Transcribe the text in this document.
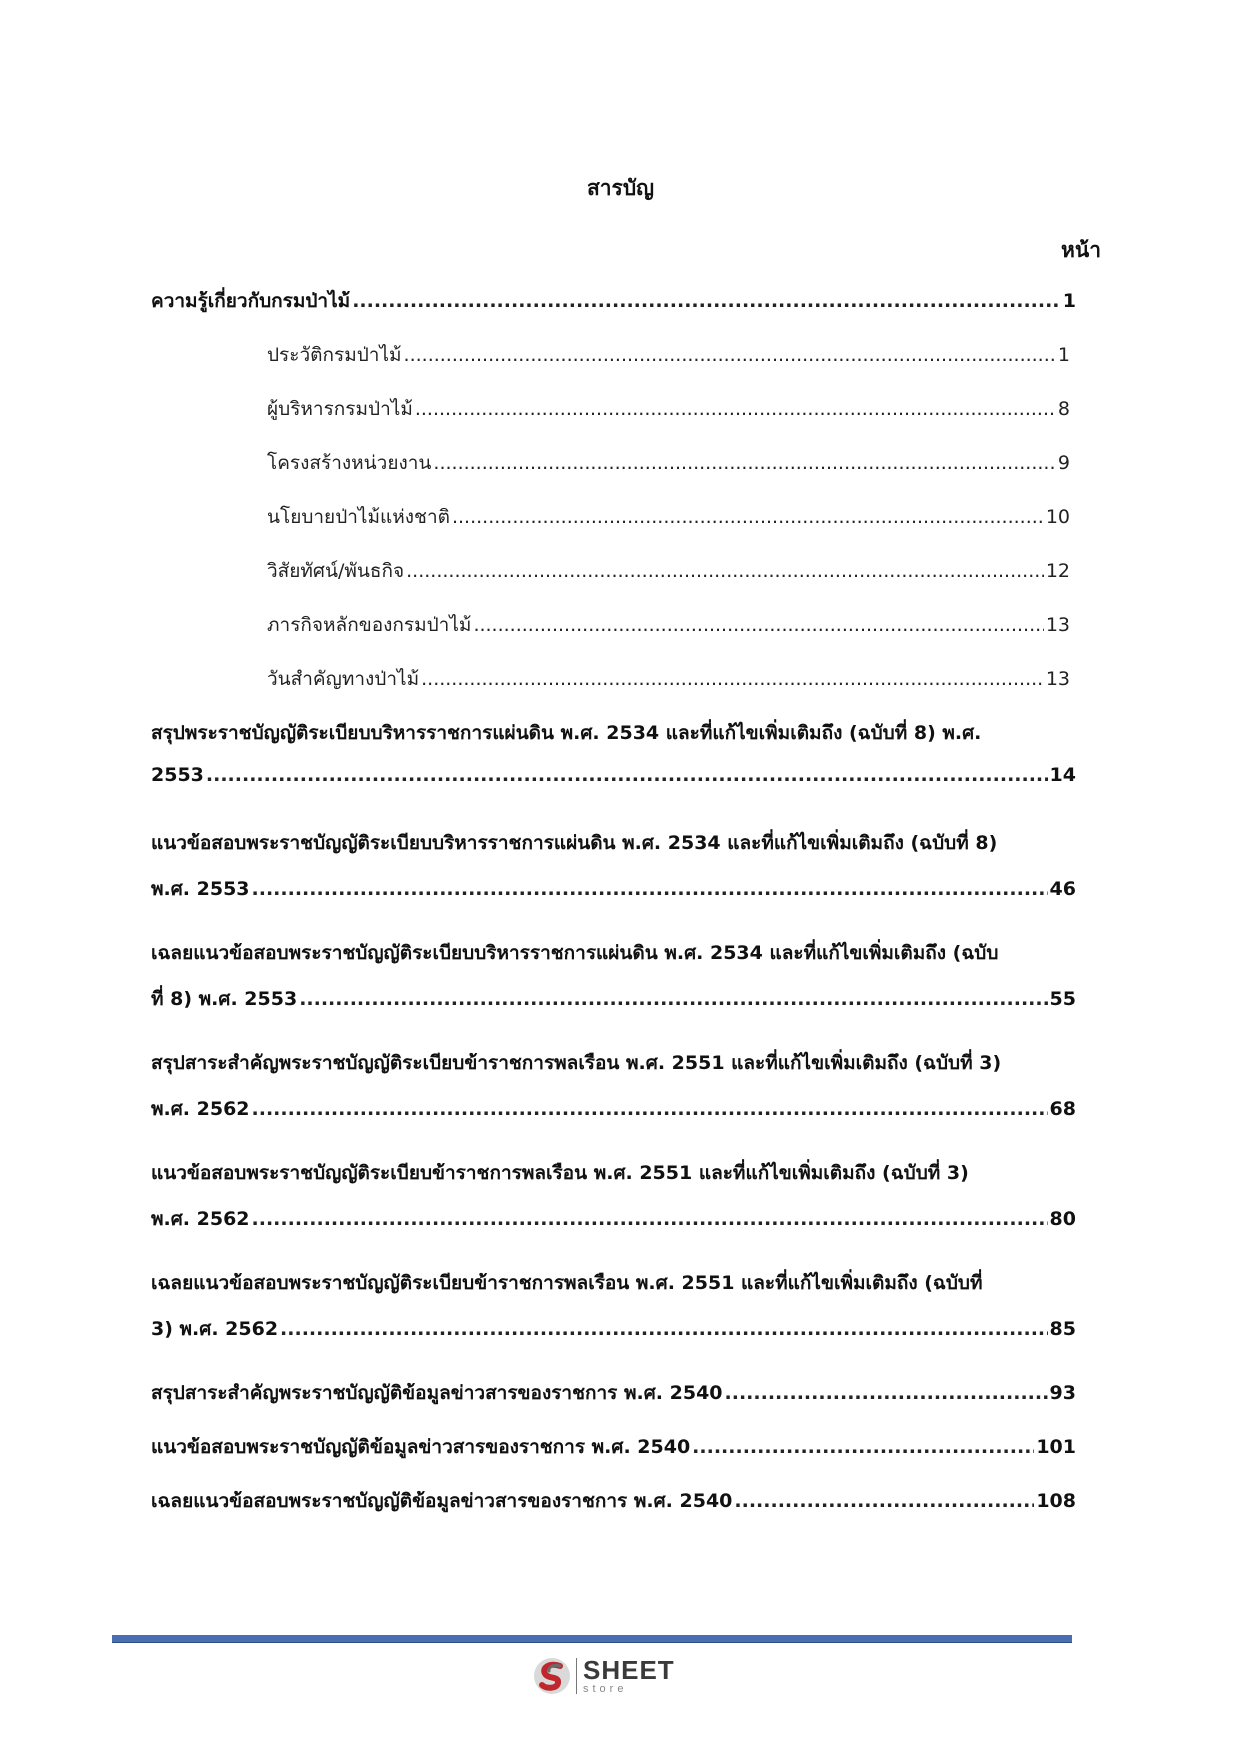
สารบัญ
หน้า
ความรู้เกี่ยวกับกรมป่าไม้ .....	1
ประวัติกรมป่าไม้ .....	1
ผู้บริหารกรมป่าไม้ .....	8
โครงสร้างหน่วยงาน .....	9
นโยบายป่าไม้แห่งชาติ .....	10
วิสัยทัศน์/พันธกิจ .....	12
ภารกิจหลักของกรมป่าไม้ .....	13
วันสำคัญทางป่าไม้ .....	13
สรุปพระราชบัญญัติระเบียบบริหารราชการแผ่นดิน พ.ศ. 2534 และที่แก้ไขเพิ่มเติมถึง (ฉบับที่ 8) พ.ศ.
2553 .....	14
แนวข้อสอบพระราชบัญญัติระเบียบบริหารราชการแผ่นดิน พ.ศ. 2534 และที่แก้ไขเพิ่มเติมถึง (ฉบับที่ 8)
พ.ศ. 2553 .....	46
เฉลยแนวข้อสอบพระราชบัญญัติระเบียบบริหารราชการแผ่นดิน พ.ศ. 2534 และที่แก้ไขเพิ่มเติมถึง (ฉบับ
ที่ 8) พ.ศ. 2553 .....	55
สรุปสาระสำคัญพระราชบัญญัติระเบียบข้าราชการพลเรือน พ.ศ. 2551 และที่แก้ไขเพิ่มเติมถึง (ฉบับที่ 3)
พ.ศ. 2562 .....	68
แนวข้อสอบพระราชบัญญัติระเบียบข้าราชการพลเรือน พ.ศ. 2551 และที่แก้ไขเพิ่มเติมถึง (ฉบับที่ 3)
พ.ศ. 2562 .....	80
เฉลยแนวข้อสอบพระราชบัญญัติระเบียบข้าราชการพลเรือน พ.ศ. 2551 และที่แก้ไขเพิ่มเติมถึง (ฉบับที่
3) พ.ศ. 2562 .....	85
สรุปสาระสำคัญพระราชบัญญัติข้อมูลข่าวสารของราชการ พ.ศ. 2540 .....	93
แนวข้อสอบพระราชบัญญัติข้อมูลข่าวสารของราชการ พ.ศ. 2540 .....	101
เฉลยแนวข้อสอบพระราชบัญญัติข้อมูลข่าวสารของราชการ พ.ศ. 2540 .....	108
SHEET
store
